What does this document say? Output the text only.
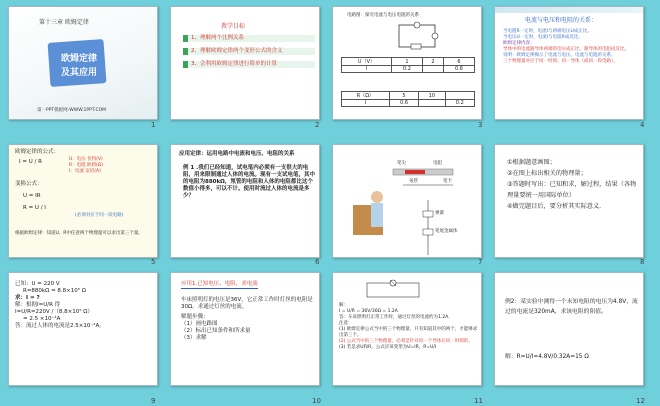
第十三章 欧姆定律
欧姆定律
及其应用
第一PPT模板网-WWW.1PPT.COM
1
教学目标
1、理解两个比例关系
2、理解欧姆定律两个变形公式的含义
3、会利用欧姆定律进行简单的计算
2
电路图：探究电流与电压电阻的关系
U（V）	1	2	6
I	0.2		0.6
R（Ω）	5	10	
I	0.6		0.2
3
电流与电压和电阻的关系：
当电阻R一定时，电流I与两端电压U成正比。
当电压U一定时，电流I与电阻R成反比。
欧姆定律内容：
导体中的电流跟导体两端的电压成正比，跟导体的电阻成反比。
说明：欧姆定律揭示了电流与电压、电流与电阻的关系。
三个物理量对应于同一时刻、同一导体（或同一段电路）。
4
欧姆定律的公式：
I = U / R	U：电压 伏特(V)
R：电阻 欧姆(Ω)
I：电流 安培(A)
变换公式：
U = IR
R = U / I
(必须对应于同一段电路)
根据欧姆定律：知道U、R中任意两个物理量可以求出第三个量。
5
应用定律：运用电路中电流和电压、电阻的关系
例 1 .我们已经知道，试电笔内必须有一支很大的电阻，用来限制通过人体的电流。现有一支试电笔，其中的电阻为880kΩ，氖管的电阻和人体的电阻都比这个数值小得多，可以不计。使用时流过人体的电流是多少？
6
笔尖	电阻
氖管	笔卡
弹簧
笔尾金属体
7
①根据题意画图；
②在图上标出相关的物理量；
③答题时写出：已知和求，解过程，结果（各物理量要统一用国际单位）
④做完题目后，要分析其实际意义.
8
已知：U = 220 V
R=880kΩ = 8.8×10⁵ Ω
求：I = ?
解：根据I=U/R 得
I=U/R=220V /（8.8×10⁵ Ω）
= 2.5 ×10⁻⁴A
答：流过人体的电流是2.5×10⁻⁴A。
9
应用1.已知电压、电阻，求电流
车床照明灯的电压是36V，它正常工作时灯丝的电阻是30Ω。求通过灯丝的电流。
解题步骤：
（1）画电路图
（2）标出已知条件和所求量
（3）求解
10
解：
I = U/R = 36V/30Ω = 1.2A
答：车床照明灯正常工作时，通过灯丝的电流约为1.2A.
注意：
(1) 欧姆定律公式当中的三个物理量，只有知道其中的两个，才能够求出第三个。
(2) 公式当中的三个物理量，必须是针对同一个导体在同一时刻的。
(3) 若是求U和R，公式应该变形为U=IR，R=U/I
11
例2：某实验中测得一个未知电阻的电压为4.8V，流过的电流是320mA，求该电阻的阻值。
解：R=U/I=4.8V/0.32A=15 Ω
12
